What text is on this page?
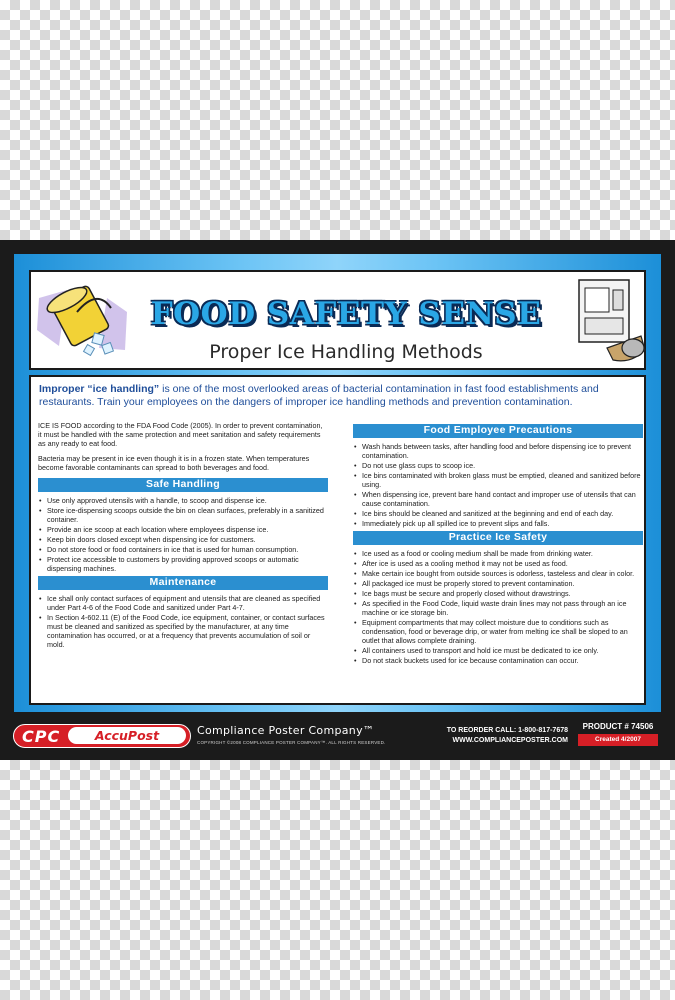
FOOD SAFETY SENSE
Proper Ice Handling Methods
Improper “ice handling” is one of the most overlooked areas of bacterial contamination in fast food establishments and restaurants. Train your employees on the dangers of improper ice handling methods and prevention contamination.

ICE IS FOOD according to the FDA Food Code (2005). In order to prevent contamination, it must be handled with the same protection and meet sanitation and safety requirements as any ready to eat food.

Bacteria may be present in ice even though it is in a frozen state. When temperatures become favorable contaminants can spread to both beverages and food.

Safe Handling
• Use only approved utensils with a handle, to scoop and dispense ice.
• Store ice-dispensing scoops outside the bin on clean surfaces, preferably in a sanitized container.
• Provide an ice scoop at each location where employees dispense ice.
• Keep bin doors closed except when dispensing ice for customers.
• Do not store food or food containers in ice that is used for human consumption.
• Protect ice accessible to customers by providing approved scoops or automatic dispensing machines.
Maintenance
• Ice shall only contact surfaces of equipment and utensils that are cleaned as specified under Part 4-6 of the Food Code and sanitized under Part 4-7.
• In Section 4-602.11 (E) of the Food Code, ice equipment, container, or contact surfaces must be cleaned and sanitized as specified by the manufacturer, at any time contamination has occurred, or at a frequency that prevents accumulation of soil or mold.
Food Employee Precautions
• Wash hands between tasks, after handling food and before dispensing ice to prevent contamination.
• Do not use glass cups to scoop ice.
• Ice bins contaminated with broken glass must be emptied, cleaned and sanitized before using.
• When dispensing ice, prevent bare hand contact and improper use of utensils that can cause contamination.
• Ice bins should be cleaned and sanitized at the beginning and end of each day.
• Immediately pick up all spilled ice to prevent slips and falls.
Practice Ice Safety
• Ice used as a food or cooling medium shall be made from drinking water.
• After ice is used as a cooling method it may not be used as food.
• Make certain ice bought from outside sources is odorless, tasteless and clear in color.
• All packaged ice must be properly stored to prevent contamination.
• Ice bags must be secure and properly closed without drawstrings.
• As specified in the Food Code, liquid waste drain lines may not pass through an ice machine or ice storage bin.
• Equipment compartments that may collect moisture due to conditions such as condensation, food or beverage drip, or water from melting ice shall be sloped to an outlet that allows complete draining.
• All containers used to transport and hold ice must be dedicated to ice only.
• Do not stack buckets used for ice because contamination can occur.
CPC	AccuPost	Compliance Poster Company™
COPYRIGHT ©2008 COMPLIANCE POSTER COMPANY™. ALL RIGHTS RESERVED.
TO REORDER CALL: 1-800-817-7678
WWW.COMPLIANCEPOSTER.COM
PRODUCT # 74506
Created 4/2007
